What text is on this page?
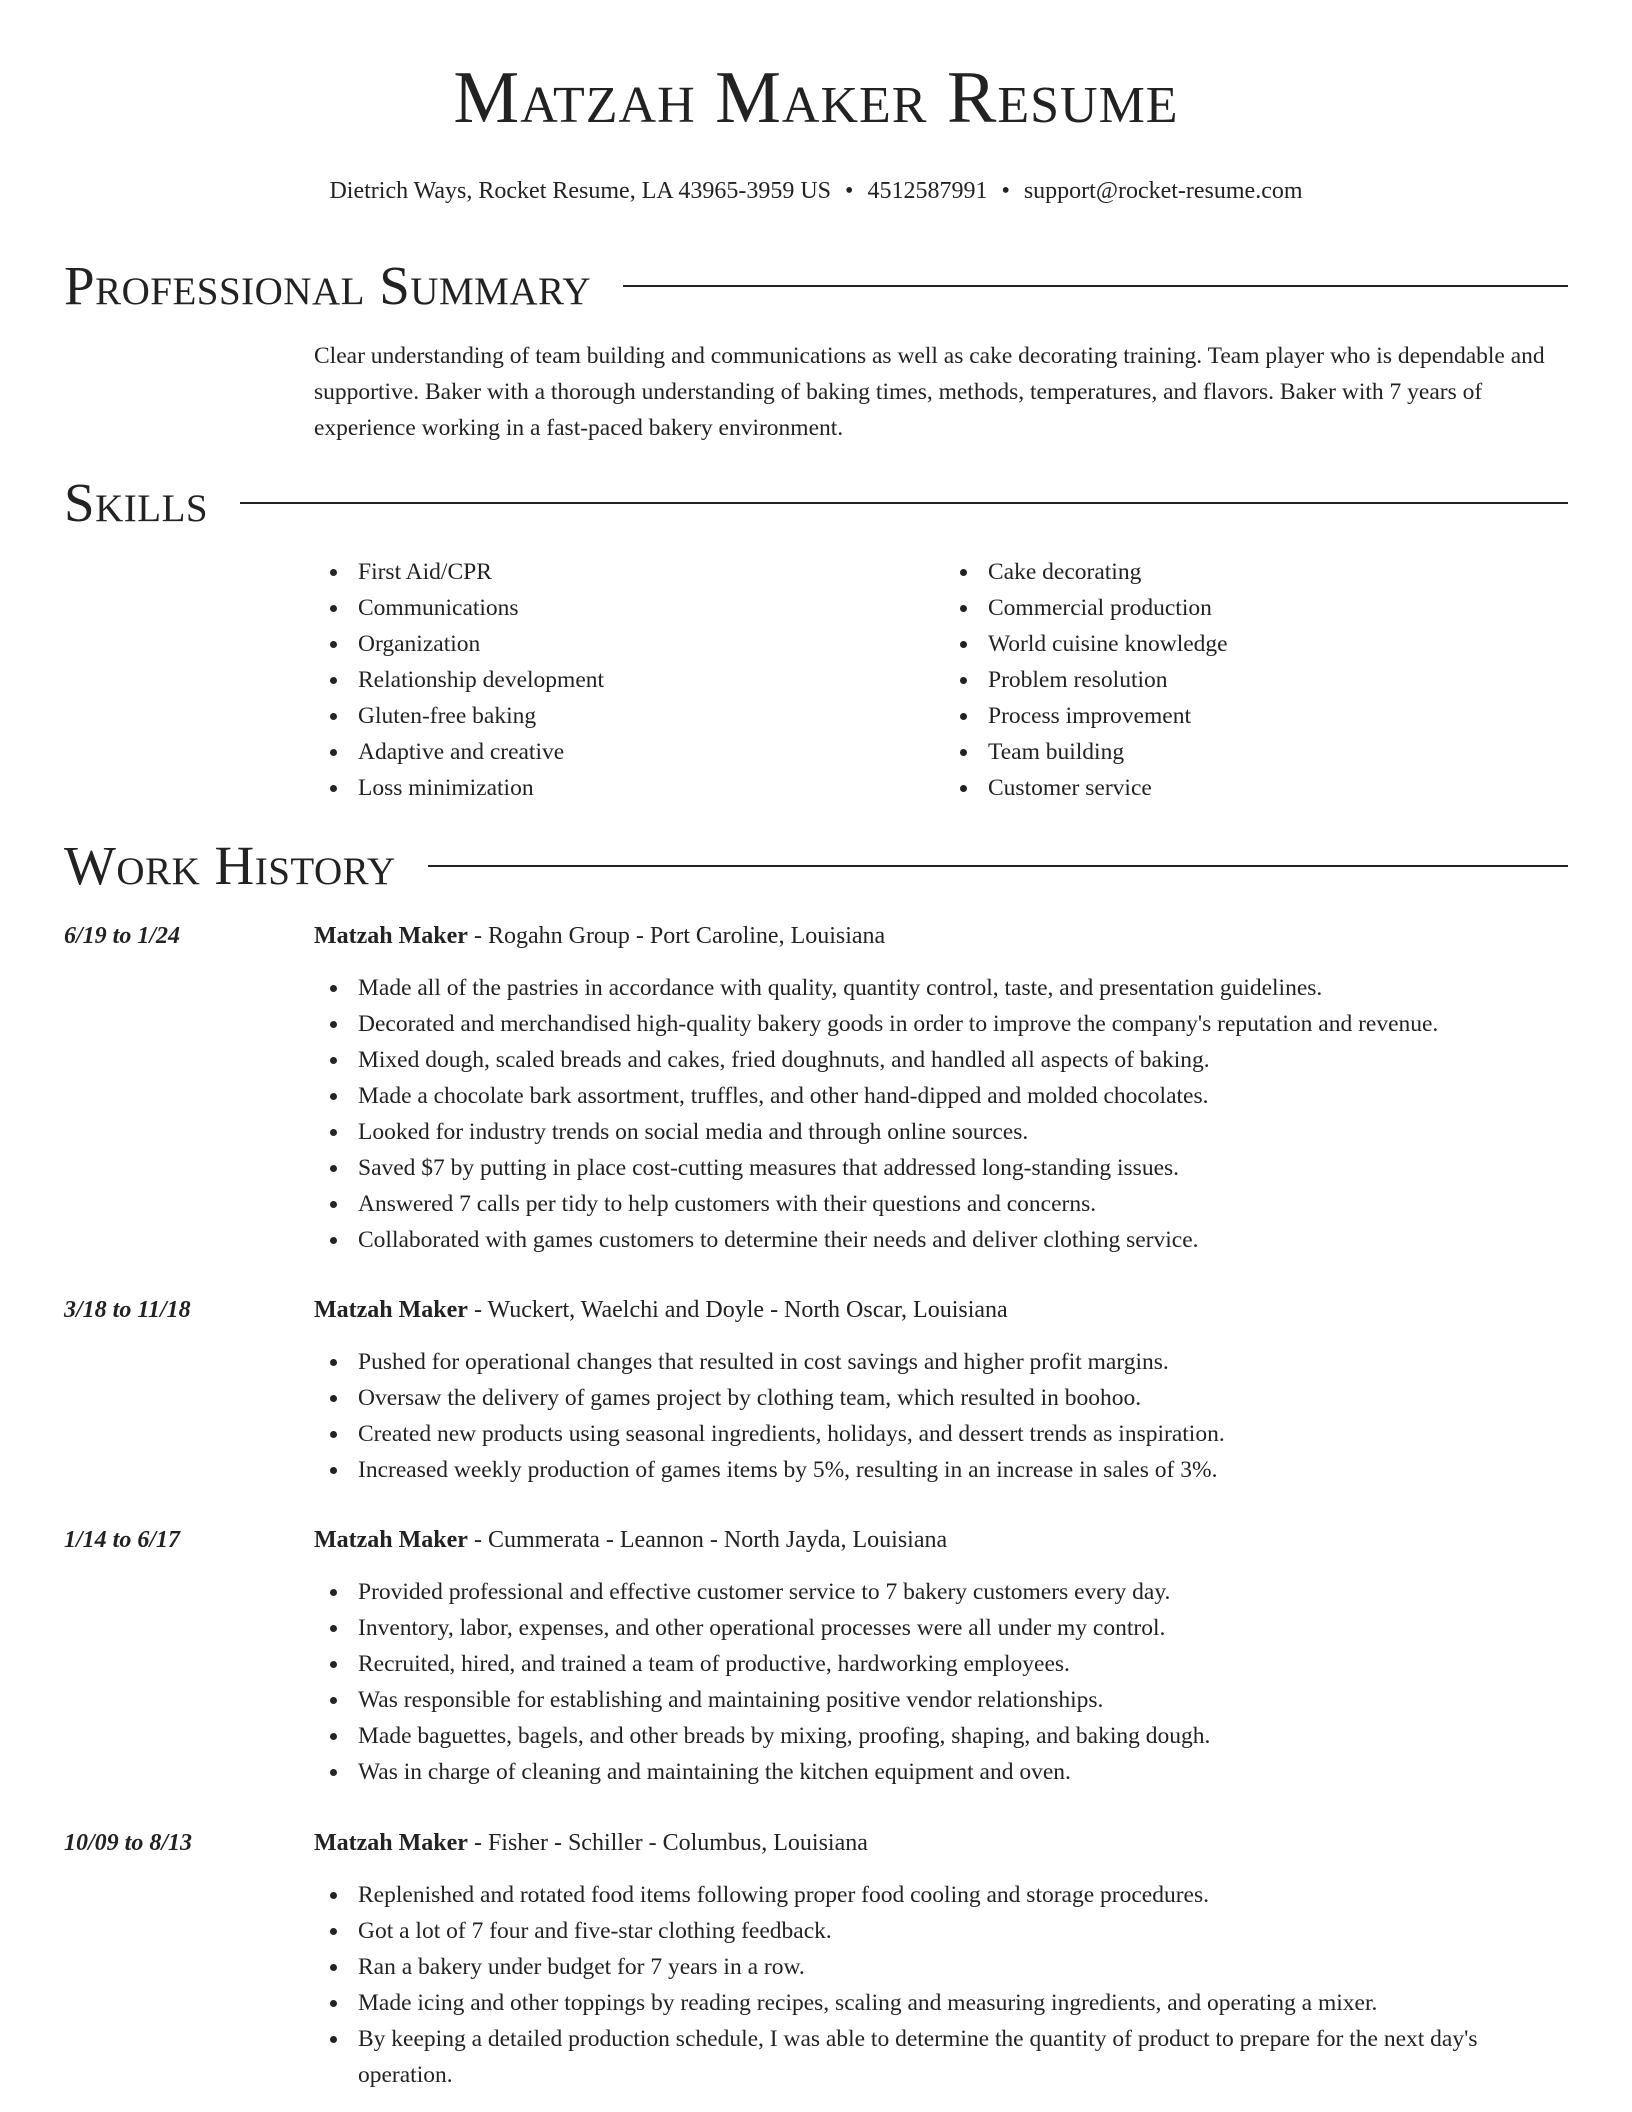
Matzah Maker Resume
Dietrich Ways, Rocket Resume, LA 43965-3959 US • 4512587991 • support@rocket-resume.com
Professional Summary
Clear understanding of team building and communications as well as cake decorating training. Team player who is dependable and supportive. Baker with a thorough understanding of baking times, methods, temperatures, and flavors. Baker with 7 years of experience working in a fast-paced bakery environment.
Skills
First Aid/CPR
Communications
Organization
Relationship development
Gluten-free baking
Adaptive and creative
Loss minimization
Cake decorating
Commercial production
World cuisine knowledge
Problem resolution
Process improvement
Team building
Customer service
Work History
6/19 to 1/24	Matzah Maker - Rogahn Group - Port Caroline, Louisiana
Made all of the pastries in accordance with quality, quantity control, taste, and presentation guidelines.
Decorated and merchandised high-quality bakery goods in order to improve the company's reputation and revenue.
Mixed dough, scaled breads and cakes, fried doughnuts, and handled all aspects of baking.
Made a chocolate bark assortment, truffles, and other hand-dipped and molded chocolates.
Looked for industry trends on social media and through online sources.
Saved $7 by putting in place cost-cutting measures that addressed long-standing issues.
Answered 7 calls per tidy to help customers with their questions and concerns.
Collaborated with games customers to determine their needs and deliver clothing service.
3/18 to 11/18	Matzah Maker - Wuckert, Waelchi and Doyle - North Oscar, Louisiana
Pushed for operational changes that resulted in cost savings and higher profit margins.
Oversaw the delivery of games project by clothing team, which resulted in boohoo.
Created new products using seasonal ingredients, holidays, and dessert trends as inspiration.
Increased weekly production of games items by 5%, resulting in an increase in sales of 3%.
1/14 to 6/17	Matzah Maker - Cummerata - Leannon - North Jayda, Louisiana
Provided professional and effective customer service to 7 bakery customers every day.
Inventory, labor, expenses, and other operational processes were all under my control.
Recruited, hired, and trained a team of productive, hardworking employees.
Was responsible for establishing and maintaining positive vendor relationships.
Made baguettes, bagels, and other breads by mixing, proofing, shaping, and baking dough.
Was in charge of cleaning and maintaining the kitchen equipment and oven.
10/09 to 8/13	Matzah Maker - Fisher - Schiller - Columbus, Louisiana
Replenished and rotated food items following proper food cooling and storage procedures.
Got a lot of 7 four and five-star clothing feedback.
Ran a bakery under budget for 7 years in a row.
Made icing and other toppings by reading recipes, scaling and measuring ingredients, and operating a mixer.
By keeping a detailed production schedule, I was able to determine the quantity of product to prepare for the next day's operation.
